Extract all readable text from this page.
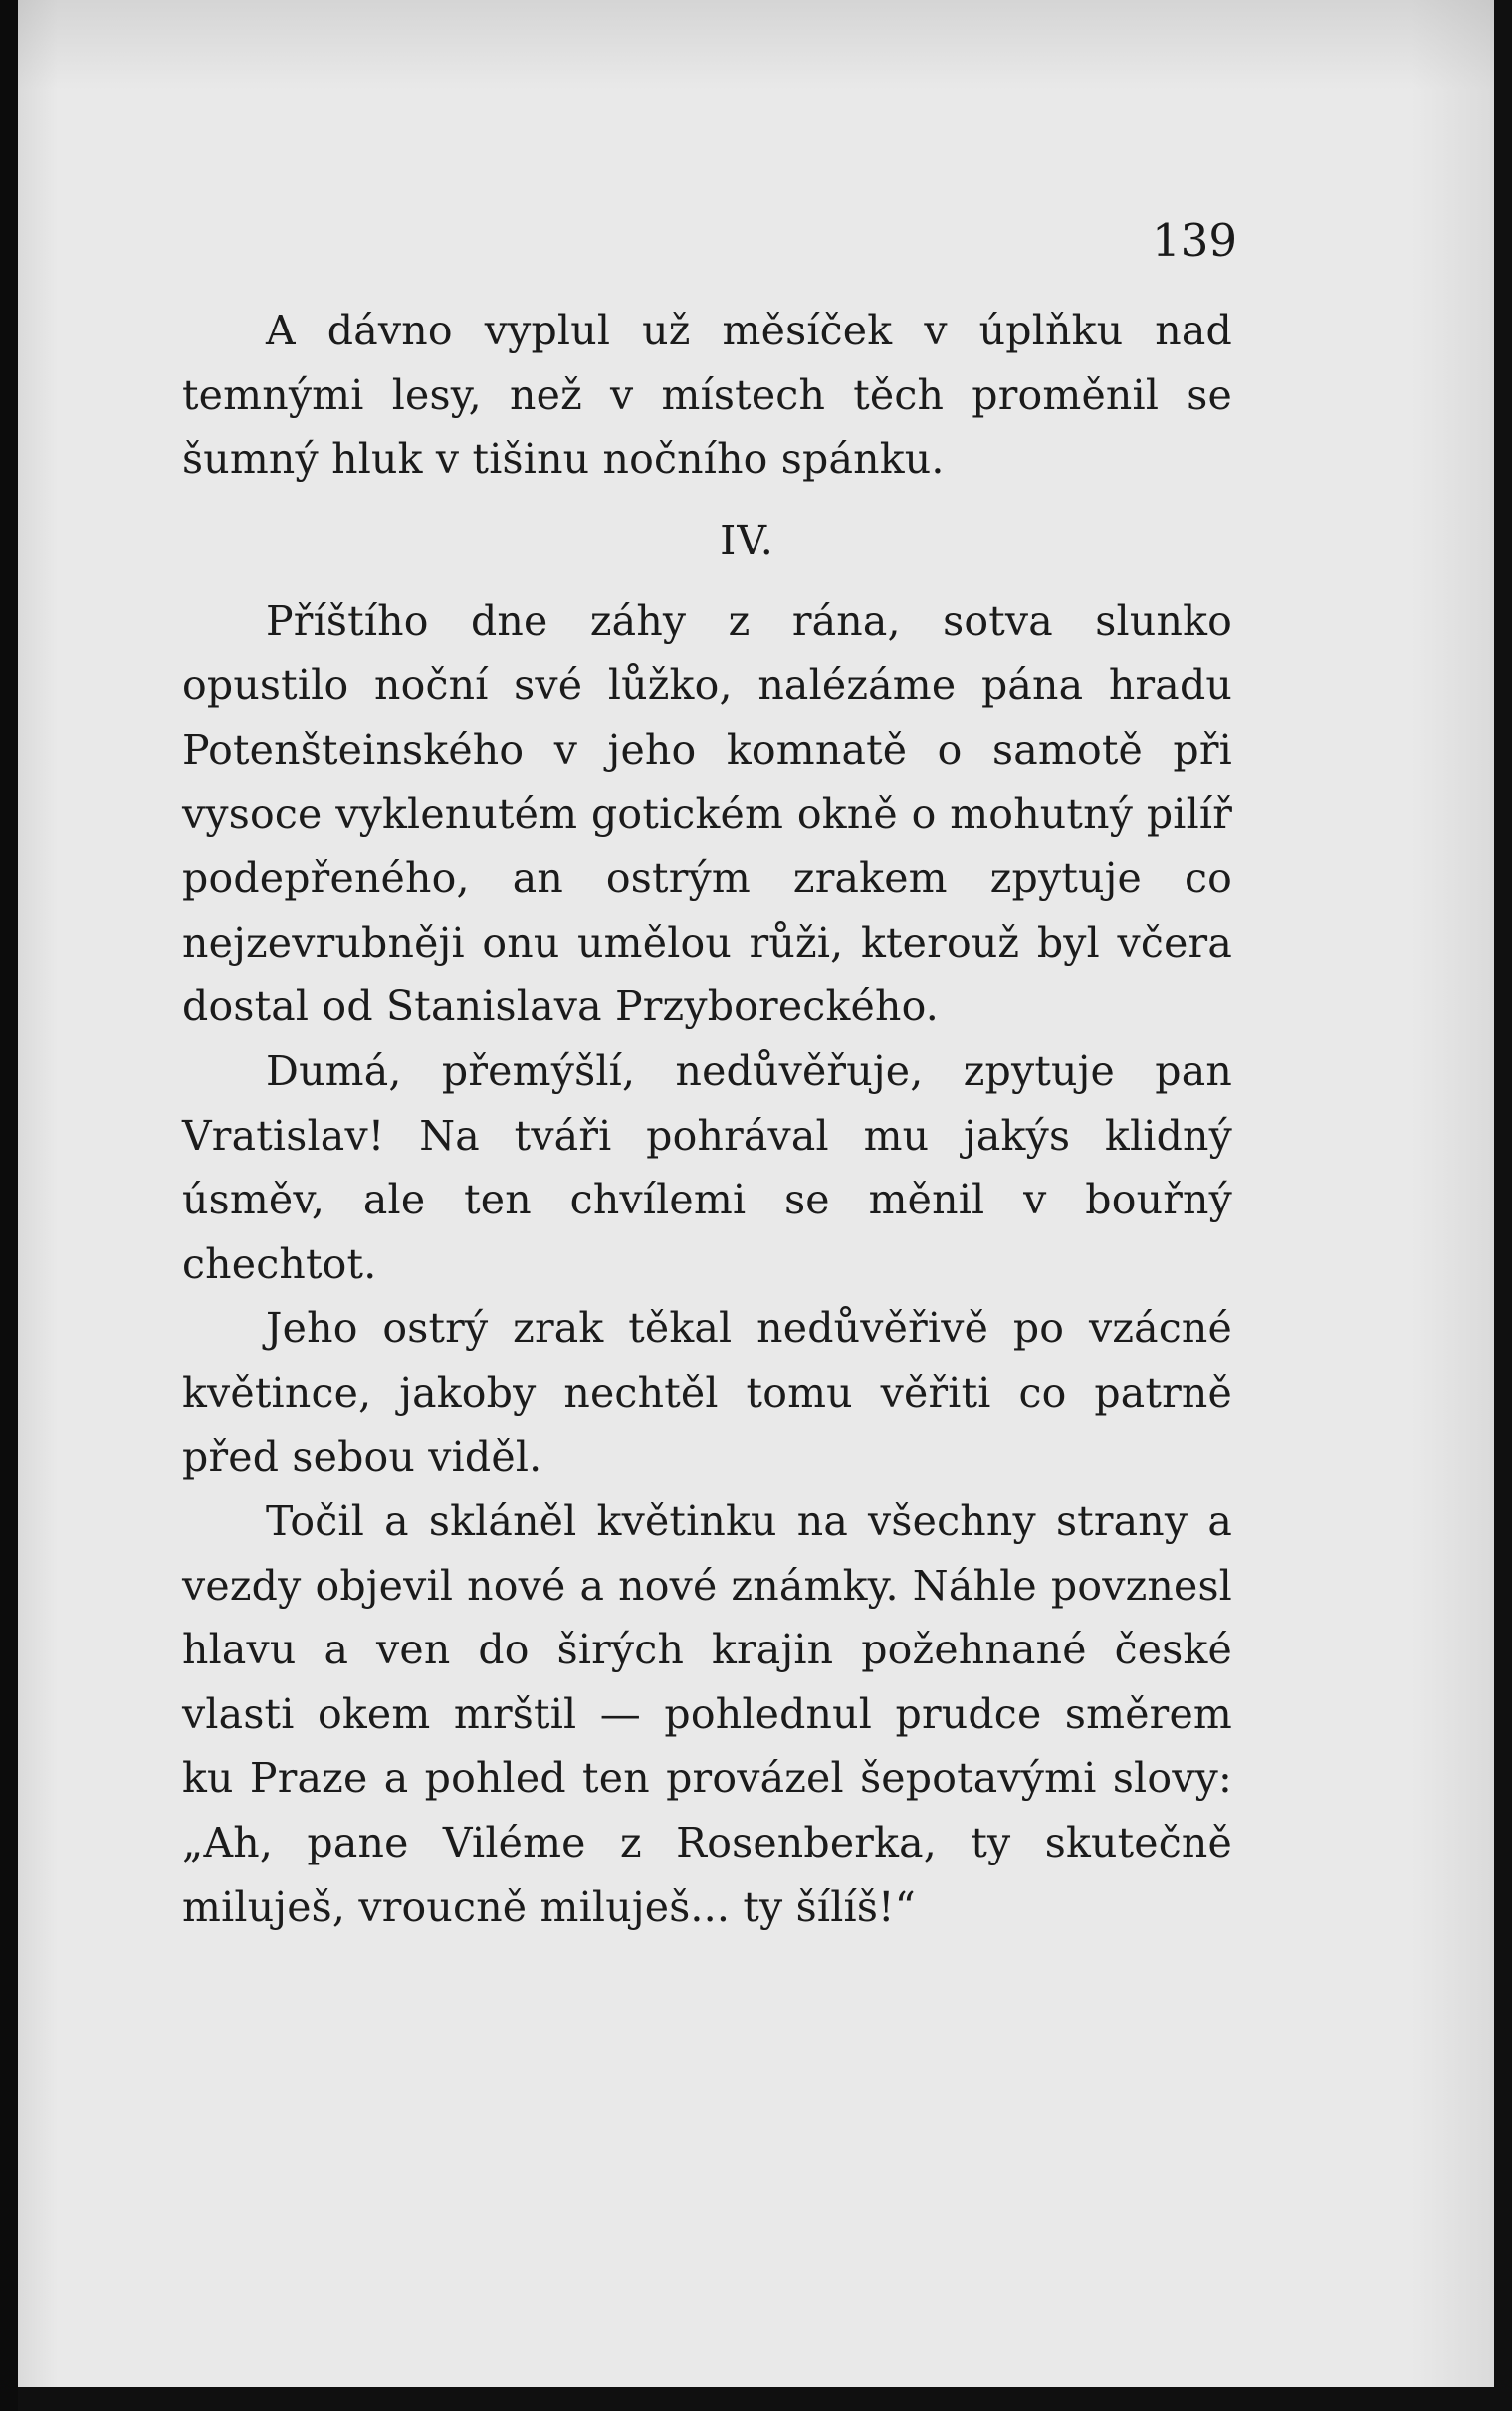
139

A dávno vyplul už měsíček v úplňku nad temnými lesy, než v místech těch proměnil se šumný hluk v tišinu nočního spánku.

IV.

Příštího dne záhy z rána, sotva slunko opustilo noční své lůžko, nalézáme pána hradu Potenšteinského v jeho komnatě o samotě při vysoce vyklenutém gotickém okně o mohutný pilíř podepřeného, an ostrým zrakem zpytuje co nejzevrubněji onu umělou růži, kterouž byl včera dostal od Stanislava Przyboreckého.

Dumá, přemýšlí, nedůvěřuje, zpytuje pan Vratislav! Na tváři pohrával mu jakýs klidný úsměv, ale ten chvílemi se měnil v bouřný chechtot.

Jeho ostrý zrak těkal nedůvěřivě po vzácné květince, jakoby nechtěl tomu věřiti co patrně před sebou viděl.

Točil a skláněl květinku na všechny strany a vezdy objevil nové a nové známky. Náhle povznesl hlavu a ven do širých krajin požehnané české vlasti okem mrštil — pohlednul prudce směrem ku Praze a pohled ten provázel šepotavými slovy: „Ah, pane Viléme z Rosenberka, ty skutečně miluješ, vroucně miluješ... ty šílíš!“
